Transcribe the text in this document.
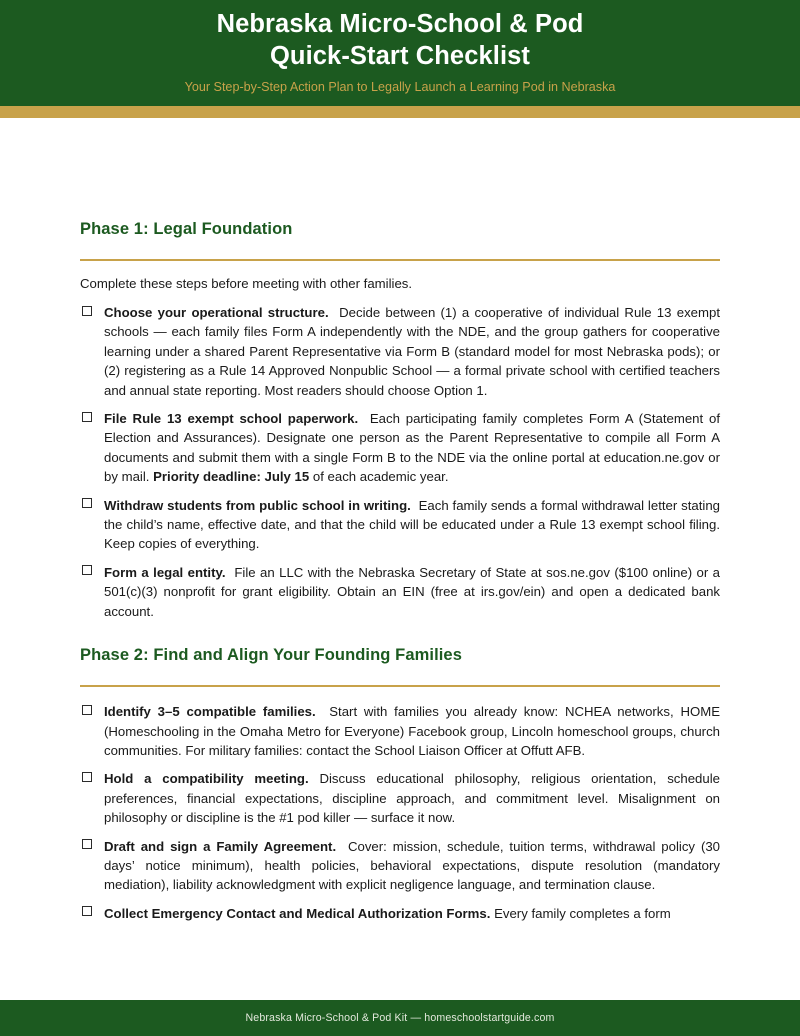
Nebraska Micro-School & Pod
Quick-Start Checklist

Your Step-by-Step Action Plan to Legally Launch a Learning Pod in Nebraska

Phase 1: Legal Foundation

Complete these steps before meeting with other families.

Choose your operational structure. Decide between (1) a cooperative of individual Rule 13 exempt schools — each family files Form A independently with the NDE, and the group gathers for cooperative learning under a shared Parent Representative via Form B (standard model for most Nebraska pods); or (2) registering as a Rule 14 Approved Nonpublic School — a formal private school with certified teachers and annual state reporting. Most readers should choose Option 1.
File Rule 13 exempt school paperwork. Each participating family completes Form A (Statement of Election and Assurances). Designate one person as the Parent Representative to compile all Form A documents and submit them with a single Form B to the NDE via the online portal at education.ne.gov or by mail. Priority deadline: July 15 of each academic year.
Withdraw students from public school in writing. Each family sends a formal withdrawal letter stating the child’s name, effective date, and that the child will be educated under a Rule 13 exempt school filing. Keep copies of everything.
Form a legal entity. File an LLC with the Nebraska Secretary of State at sos.ne.gov ($100 online) or a 501(c)(3) nonprofit for grant eligibility. Obtain an EIN (free at irs.gov/ein) and open a dedicated bank account.
Phase 2: Find and Align Your Founding Families
Identify 3–5 compatible families. Start with families you already know: NCHEA networks, HOME (Homeschooling in the Omaha Metro for Everyone) Facebook group, Lincoln homeschool groups, church communities. For military families: contact the School Liaison Officer at Offutt AFB.
Hold a compatibility meeting. Discuss educational philosophy, religious orientation, schedule preferences, financial expectations, discipline approach, and commitment level. Misalignment on philosophy or discipline is the #1 pod killer — surface it now.
Draft and sign a Family Agreement. Cover: mission, schedule, tuition terms, withdrawal policy (30 days’ notice minimum), health policies, behavioral expectations, dispute resolution (mandatory mediation), liability acknowledgment with explicit negligence language, and termination clause.
Collect Emergency Contact and Medical Authorization Forms. Every family completes a form
Nebraska Micro-School & Pod Kit — homeschoolstartguide.com
